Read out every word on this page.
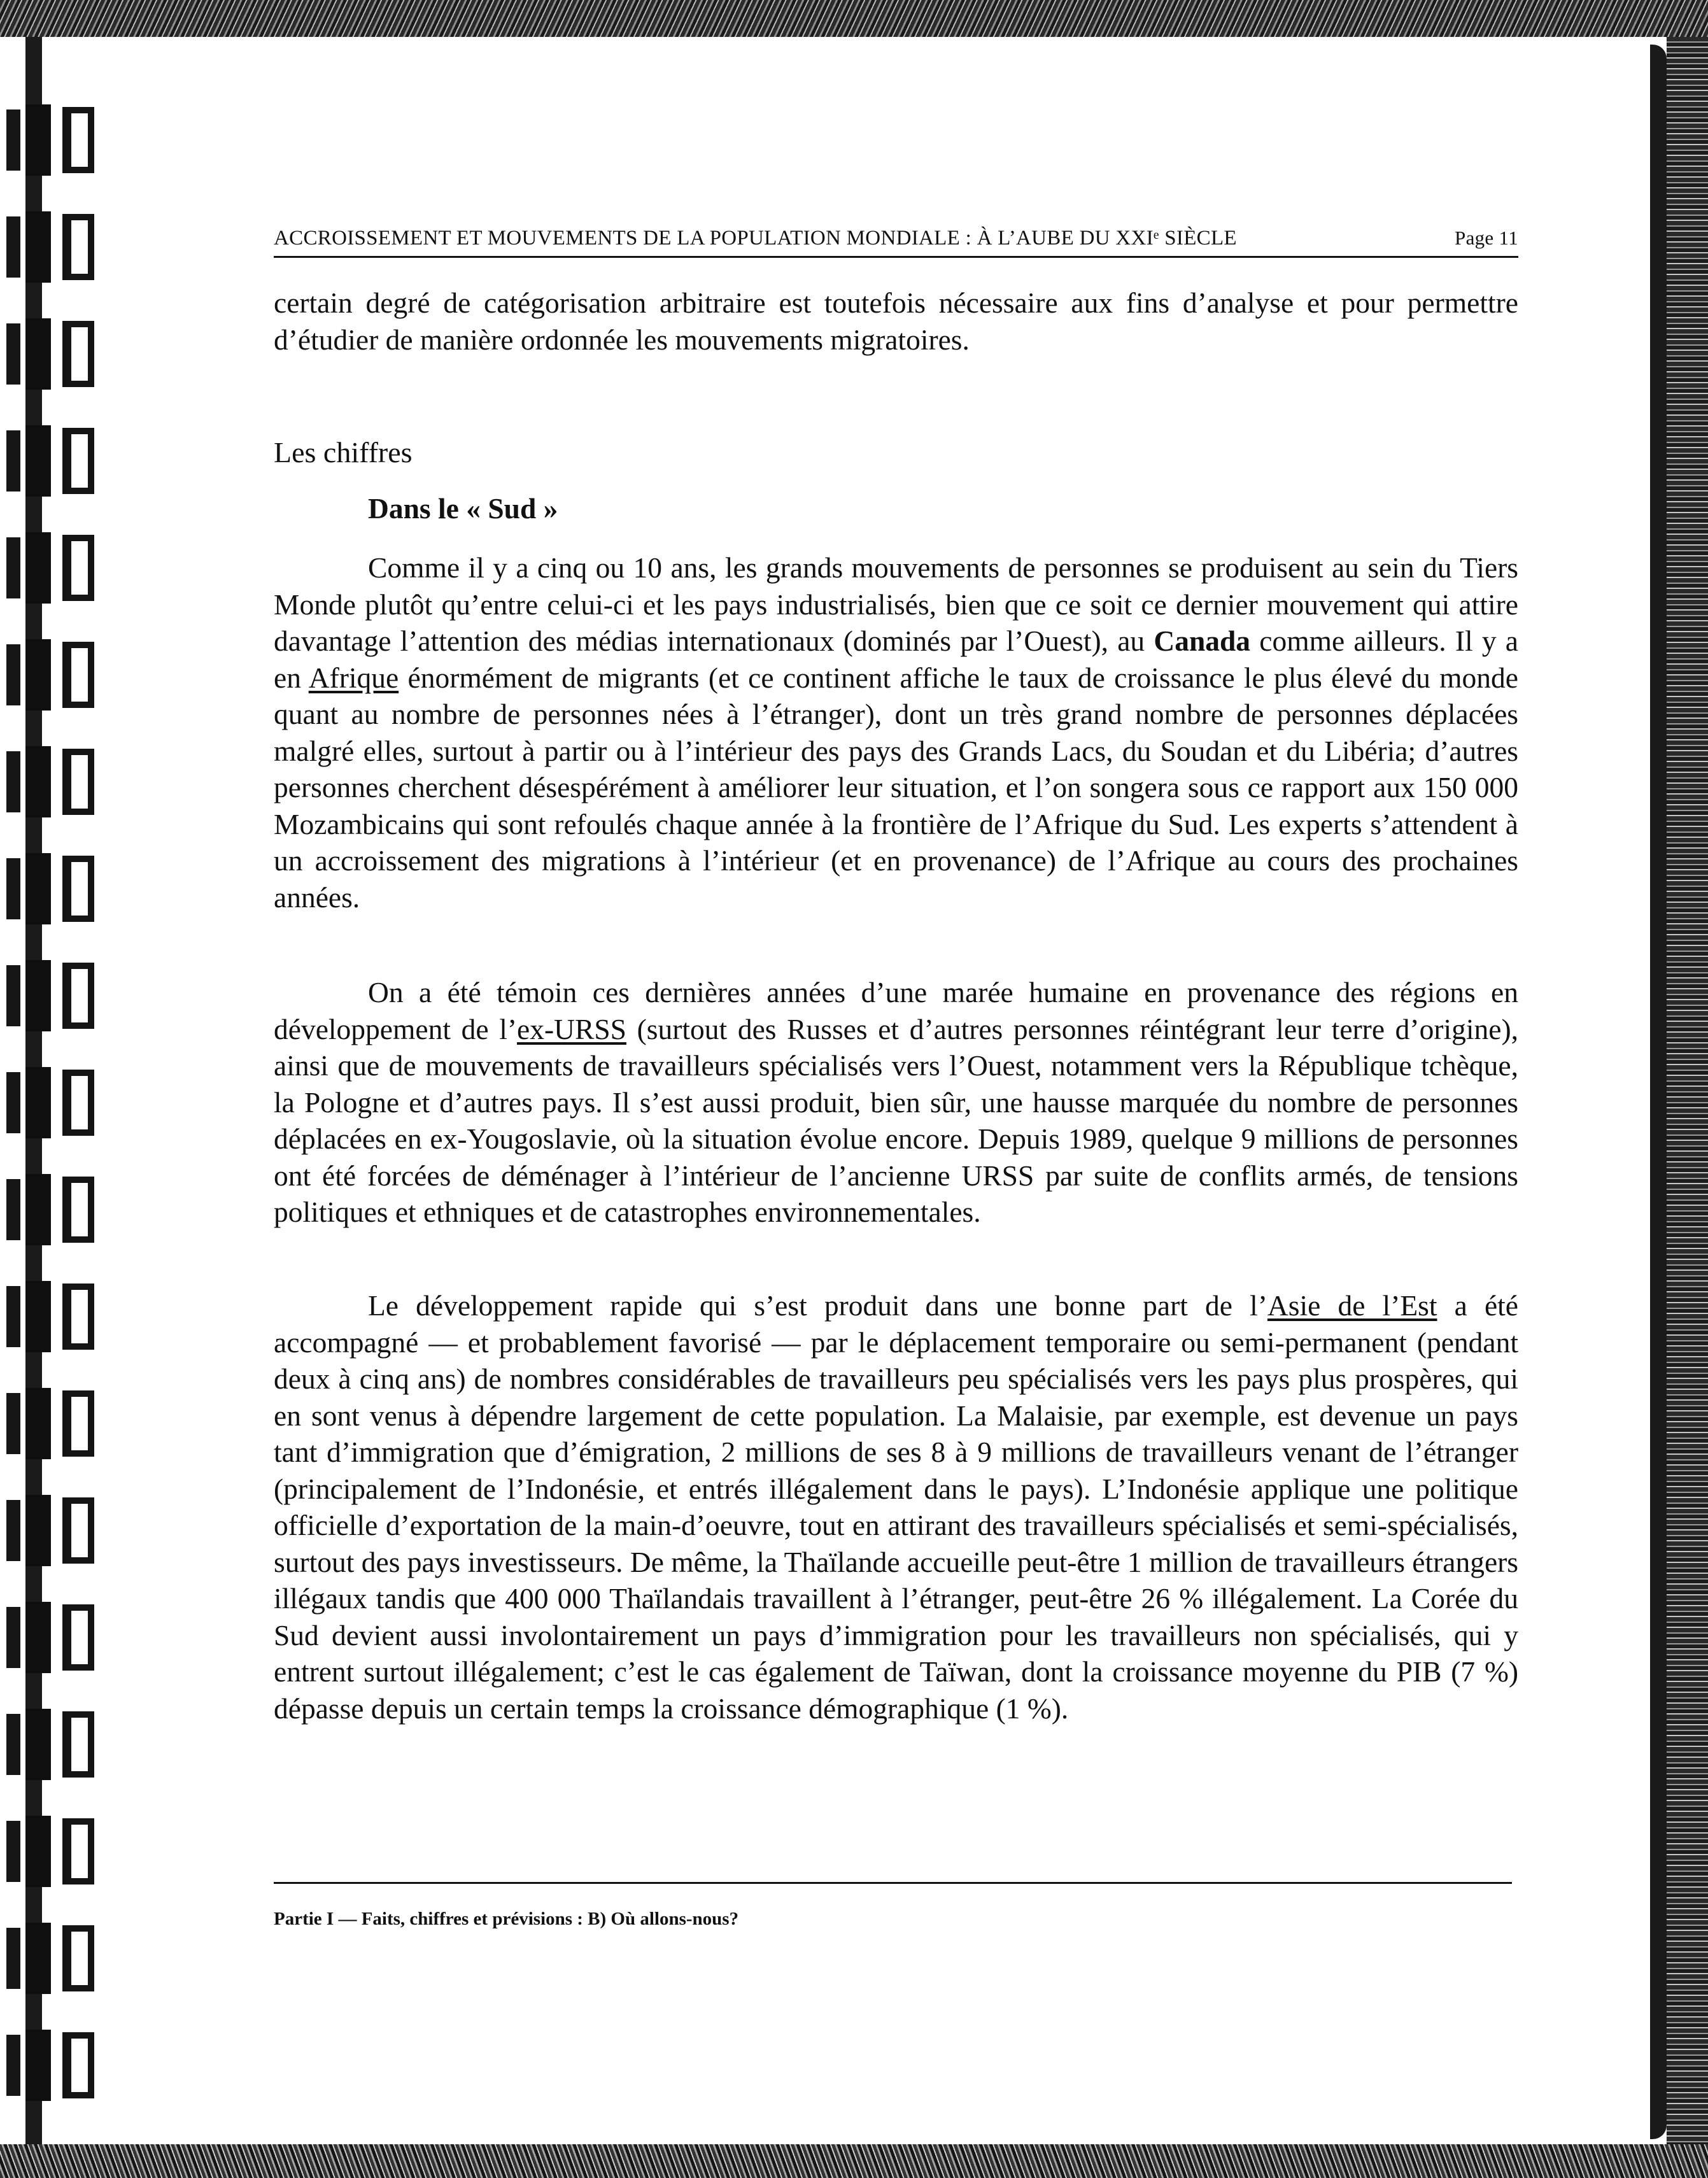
ACCROISSEMENT ET MOUVEMENTS DE LA POPULATION MONDIALE : À L’AUBE DU XXIᵉ SIÈCLE	Page 11

certain degré de catégorisation arbitraire est toutefois nécessaire aux fins d’analyse et pour permettre d’étudier de manière ordonnée les mouvements migratoires.

Les chiffres
Dans le « Sud »

Comme il y a cinq ou 10 ans, les grands mouvements de personnes se produisent au sein du Tiers Monde plutôt qu’entre celui-ci et les pays industrialisés, bien que ce soit ce dernier mouvement qui attire davantage l’attention des médias internationaux (dominés par l’Ouest), au Canada comme ailleurs. Il y a en Afrique énormément de migrants (et ce continent affiche le taux de croissance le plus élevé du monde quant au nombre de personnes nées à l’étranger), dont un très grand nombre de personnes déplacées malgré elles, surtout à partir ou à l’intérieur des pays des Grands Lacs, du Soudan et du Libéria; d’autres personnes cherchent désespérément à améliorer leur situation, et l’on songera sous ce rapport aux 150 000 Mozambicains qui sont refoulés chaque année à la frontière de l’Afrique du Sud. Les experts s’attendent à un accroissement des migrations à l’intérieur (et en provenance) de l’Afrique au cours des prochaines années.

On a été témoin ces dernières années d’une marée humaine en provenance des régions en développement de l’ex-URSS (surtout des Russes et d’autres personnes réintégrant leur terre d’origine), ainsi que de mouvements de travailleurs spécialisés vers l’Ouest, notamment vers la République tchèque, la Pologne et d’autres pays. Il s’est aussi produit, bien sûr, une hausse marquée du nombre de personnes déplacées en ex-Yougoslavie, où la situation évolue encore. Depuis 1989, quelque 9 millions de personnes ont été forcées de déménager à l’intérieur de l’ancienne URSS par suite de conflits armés, de tensions politiques et ethniques et de catastrophes environnementales.

Le développement rapide qui s’est produit dans une bonne part de l’Asie de l’Est a été accompagné — et probablement favorisé — par le déplacement temporaire ou semi-permanent (pendant deux à cinq ans) de nombres considérables de travailleurs peu spécialisés vers les pays plus prospères, qui en sont venus à dépendre largement de cette population. La Malaisie, par exemple, est devenue un pays tant d’immigration que d’émigration, 2 millions de ses 8 à 9 millions de travailleurs venant de l’étranger (principalement de l’Indonésie, et entrés illégalement dans le pays). L’Indonésie applique une politique officielle d’exportation de la main-d’oeuvre, tout en attirant des travailleurs spécialisés et semi-spécialisés, surtout des pays investisseurs. De même, la Thaïlande accueille peut-être 1 million de travailleurs étrangers illégaux tandis que 400 000 Thaïlandais travaillent à l’étranger, peut-être 26 % illégalement. La Corée du Sud devient aussi involontairement un pays d’immigration pour les travailleurs non spécialisés, qui y entrent surtout illégalement; c’est le cas également de Taïwan, dont la croissance moyenne du PIB (7 %) dépasse depuis un certain temps la croissance démographique (1 %).

Partie I — Faits, chiffres et prévisions : B) Où allons-nous?
